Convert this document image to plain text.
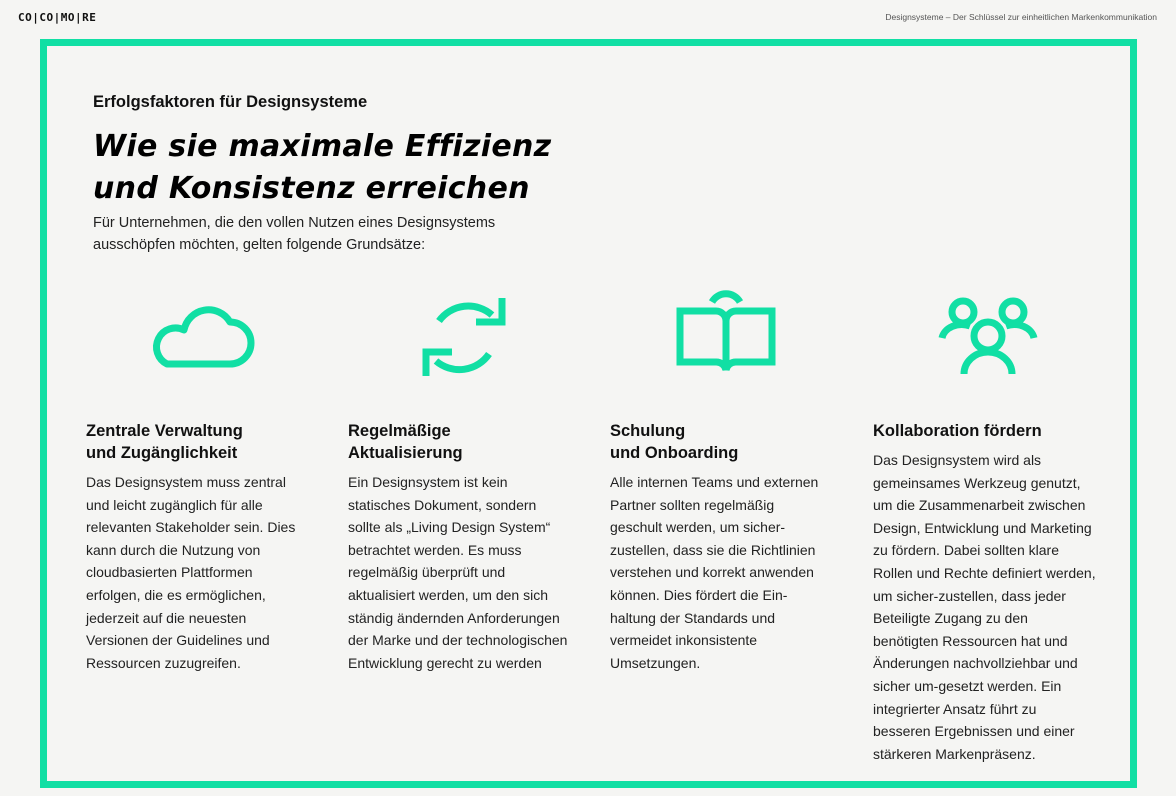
CO|CO|MO|RE	Designsysteme – Der Schlüssel zur einheitlichen Markenkommunikation
Erfolgsfaktoren für Designsysteme
Wie sie maximale Effizienz
und Konsistenz erreichen
Für Unternehmen, die den vollen Nutzen eines Designsystems
ausschöpfen möchten, gelten folgende Grundsätze:
Zentrale Verwaltung
und Zugänglichkeit

Das Designsystem muss zentral
und leicht zugänglich für alle
relevanten Stakeholder sein. Dies
kann durch die Nutzung von
cloudbasierten Plattformen
erfolgen, die es ermöglichen,
jederzeit auf die neuesten
Versionen der Guidelines und
Ressourcen zuzugreifen.

Regelmäßige
Aktualisierung

Ein Designsystem ist kein
statisches Dokument, sondern
sollte als „Living Design System“
betrachtet werden. Es muss
regelmäßig überprüft und
aktualisiert werden, um den sich
ständig ändernden Anforderungen
der Marke und der technologischen
Entwicklung gerecht zu werden

Schulung
und Onboarding

Alle internen Teams und externen
Partner sollten regelmäßig
geschult werden, um sicher-
zustellen, dass sie die Richtlinien
verstehen und korrekt anwenden
können. Dies fördert die Ein-
haltung der Standards und
vermeidet inkonsistente
Umsetzungen.

Kollaboration fördern

Das Designsystem wird als
gemeinsames Werkzeug genutzt,
um die Zusammenarbeit zwischen
Design, Entwicklung und Marketing
zu fördern. Dabei sollten klare
Rollen und Rechte definiert werden,
um sicher-zustellen, dass jeder
Beteiligte Zugang zu den
benötigten Ressourcen hat und
Änderungen nachvollziehbar und
sicher um-gesetzt werden. Ein
integrierter Ansatz führt zu
besseren Ergebnissen und einer
stärkeren Markenpräsenz.
